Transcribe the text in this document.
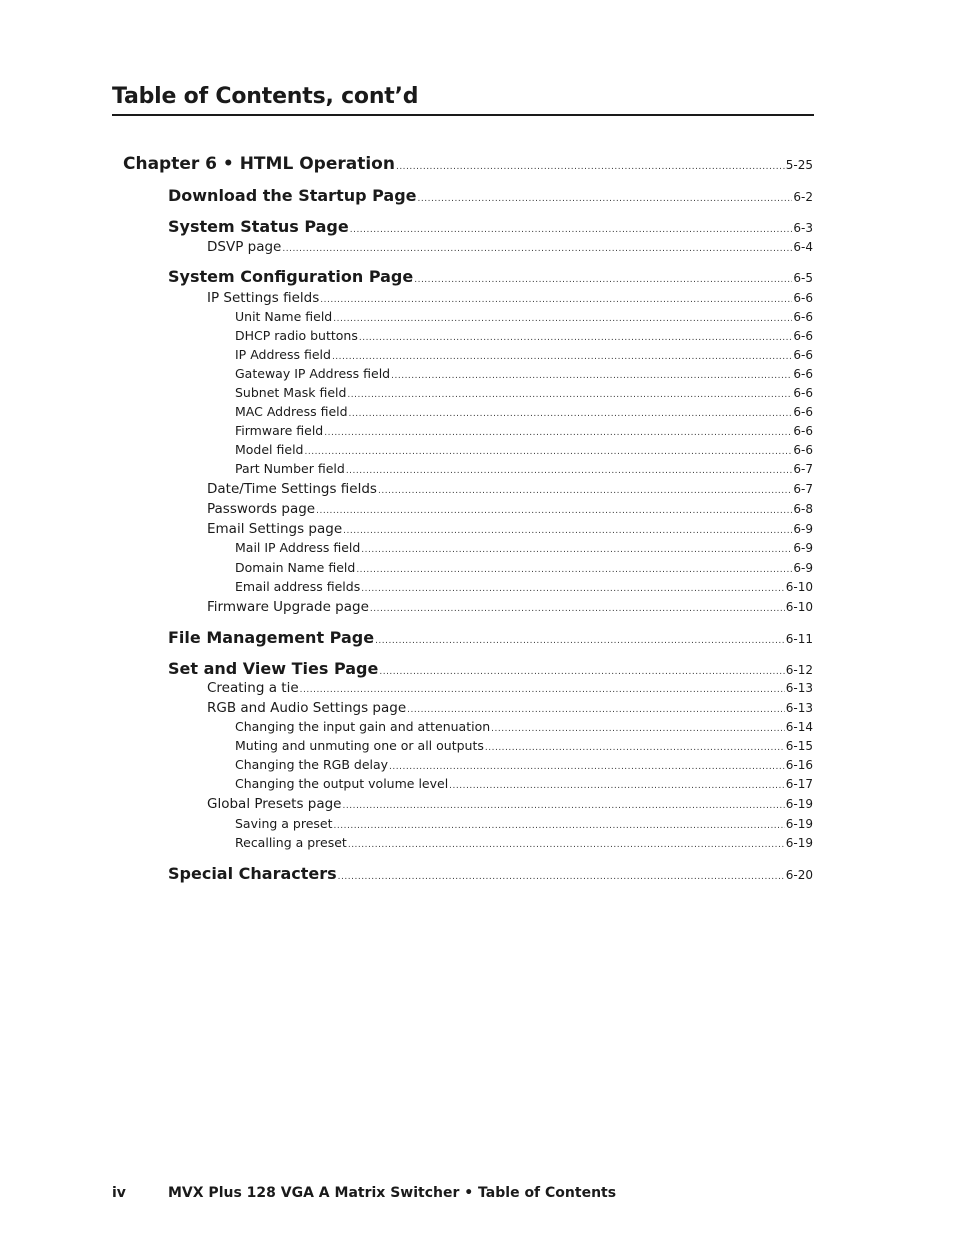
Table of Contents, cont’d
Chapter 6 • HTML Operation .....	5-25
Download the Startup Page .....	6-2
System Status Page .....	6-3
DSVP page .....	6-4
System Configuration Page .....	6-5
IP Settings fields .....	6-6
Unit Name field .....	6-6
DHCP radio buttons .....	6-6
IP Address field .....	6-6
Gateway IP Address field .....	6-6
Subnet Mask field .....	6-6
MAC Address field .....	6-6
Firmware field .....	6-6
Model field .....	6-6
Part Number field .....	6-7
Date/Time Settings fields .....	6-7
Passwords page .....	6-8
Email Settings page .....	6-9
Mail IP Address field .....	6-9
Domain Name field .....	6-9
Email address fields .....	6-10
Firmware Upgrade page .....	6-10
File Management Page .....	6-11
Set and View Ties Page .....	6-12
Creating a tie .....	6-13
RGB and Audio Settings page .....	6-13
Changing the input gain and attenuation .....	6-14
Muting and unmuting one or all outputs .....	6-15
Changing the RGB delay .....	6-16
Changing the output volume level .....	6-17
Global Presets page .....	6-19
Saving a preset .....	6-19
Recalling a preset .....	6-19
Special Characters .....	6-20
iv	MVX Plus 128 VGA A Matrix Switcher • Table of Contents
